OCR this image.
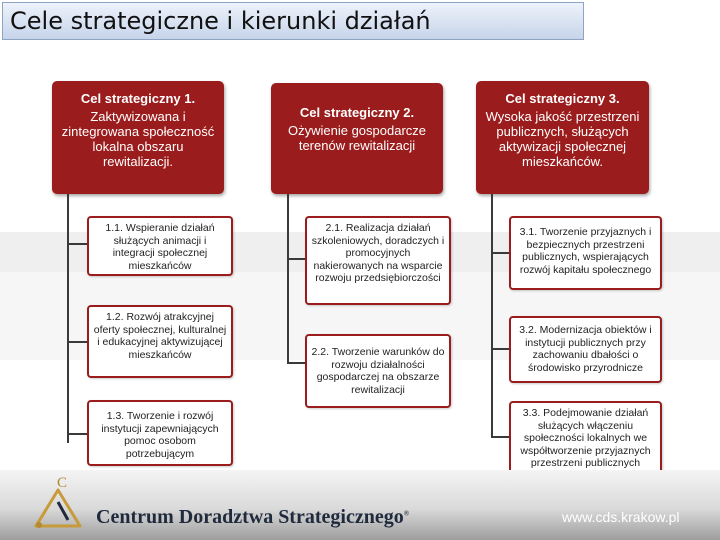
Cele strategiczne i kierunki działań
Cel strategiczny 1.
Zaktywizowana i zintegrowana społeczność lokalna obszaru rewitalizacji.
Cel strategiczny 2.
Ożywienie gospodarcze terenów rewitalizacji
Cel strategiczny 3.
Wysoka jakość przestrzeni publicznych, służących aktywizacji społecznej mieszkańców.
1.1. Wspieranie działań służących animacji i integracji społecznej mieszkańców
1.2. Rozwój atrakcyjnej oferty społecznej, kulturalnej i edukacyjnej aktywizującej mieszkańców
1.3. Tworzenie i rozwój instytucji zapewniających pomoc osobom potrzebującym
2.1. Realizacja działań szkoleniowych, doradczych i promocyjnych nakierowanych na wsparcie rozwoju przedsiębiorczości
2.2. Tworzenie warunków do rozwoju działalności gospodarczej na obszarze rewitalizacji
3.1. Tworzenie przyjaznych i bezpiecznych przestrzeni publicznych, wspierających rozwój kapitału społecznego
3.2. Modernizacja obiektów i instytucji publicznych przy zachowaniu dbałości o środowisko przyrodnicze
3.3. Podejmowanie działań służących włączeniu społeczności lokalnych we współtworzenie przyjaznych przestrzeni publicznych
C
Centrum Doradztwa Strategicznego®	www.cds.krakow.pl
